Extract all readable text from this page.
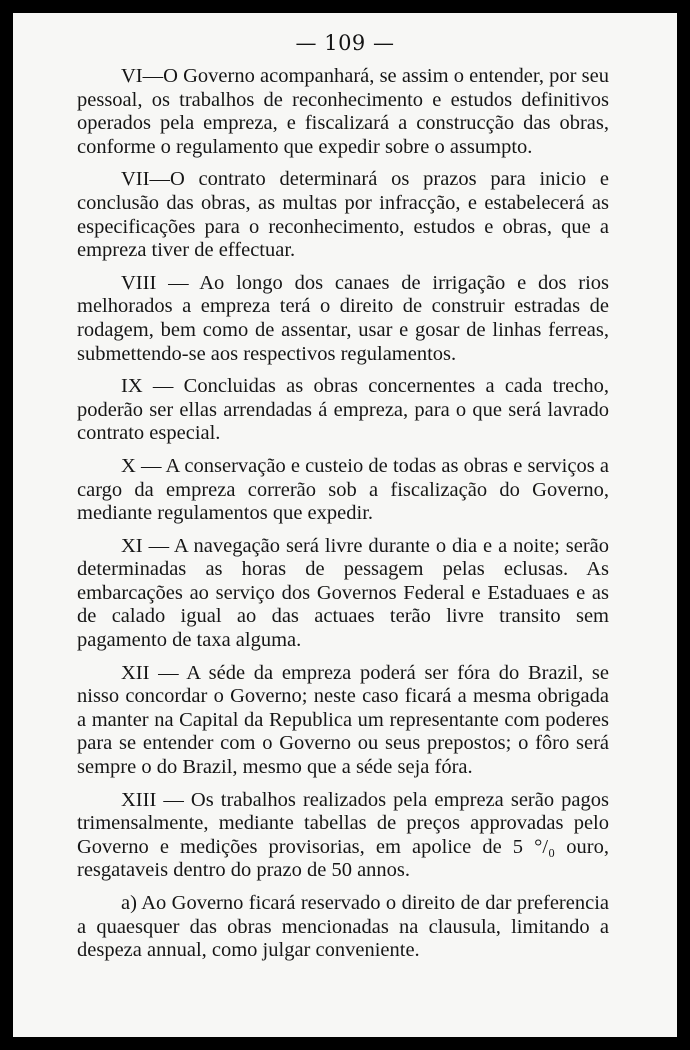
— 109 —

VI—O Governo acompanhará, se assim o entender, por seu pessoal, os trabalhos de reconhecimento e estudos definitivos operados pela empreza, e fiscalizará a construcção das obras, conforme o regulamento que expedir sobre o assumpto.

VII—O contrato determinará os prazos para inicio e conclusão das obras, as multas por infracção, e estabelecerá as especificações para o reconhecimento, estudos e obras, que a empreza tiver de effectuar.

VIII — Ao longo dos canaes de irrigação e dos rios melhorados a empreza terá o direito de construir estradas de rodagem, bem como de assentar, usar e gosar de linhas ferreas, submettendo-se aos respectivos regulamentos.

IX — Concluidas as obras concernentes a cada trecho, poderão ser ellas arrendadas á empreza, para o que será lavrado contrato especial.

X — A conservação e custeio de todas as obras e serviços a cargo da empreza correrão sob a fiscalização do Governo, mediante regulamentos que expedir.

XI — A navegação será livre durante o dia e a noite; serão determinadas as horas de pessagem pelas eclusas. As embarcações ao serviço dos Governos Federal e Estaduaes e as de calado igual ao das actuaes terão livre transito sem pagamento de taxa alguma.

XII — A séde da empreza poderá ser fóra do Brazil, se nisso concordar o Governo; neste caso ficará a mesma obrigada a manter na Capital da Republica um representante com poderes para se entender com o Governo ou seus prepostos; o fôro será sempre o do Brazil, mesmo que a séde seja fóra.

XIII — Os trabalhos realizados pela empreza serão pagos trimensalmente, mediante tabellas de preços approvadas pelo Governo e medições provisorias, em apolice de 5 °/₀ ouro, resgataveis dentro do prazo de 50 annos.

a) Ao Governo ficará reservado o direito de dar preferencia a quaesquer das obras mencionadas na clausula, limitando a despeza annual, como julgar conveniente.
